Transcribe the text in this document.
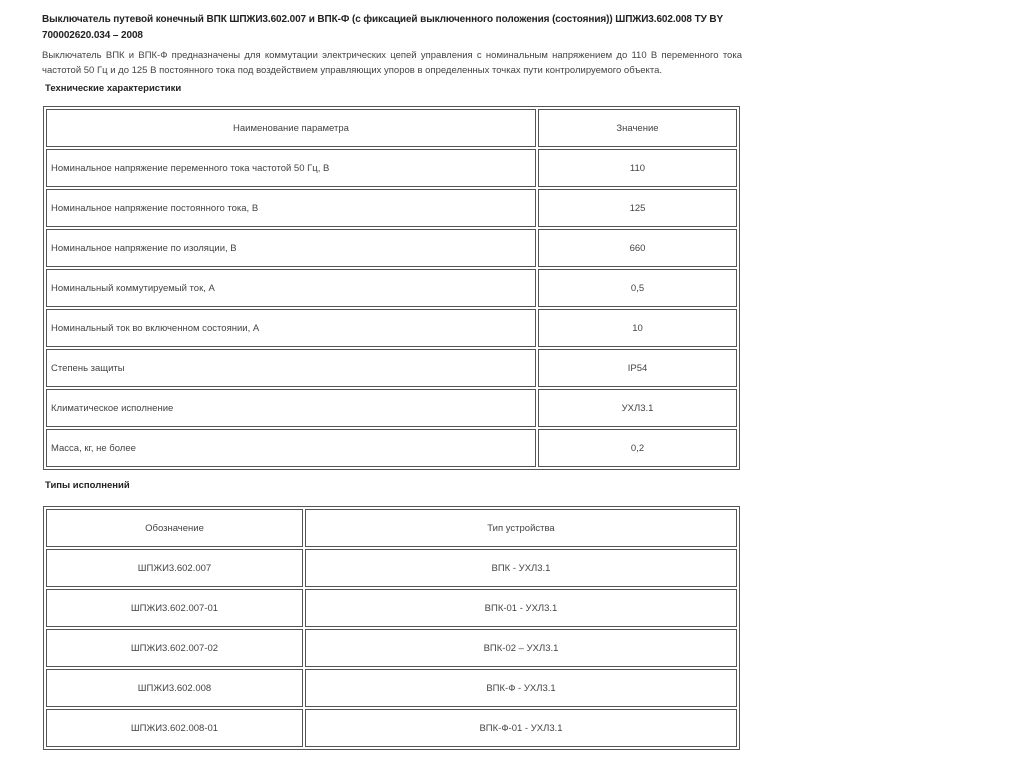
Выключатель путевой конечный ВПК ШПЖИ3.602.007 и ВПК-Ф (с фиксацией выключенного положения (состояния)) ШПЖИ3.602.008 ТУ BY 700002620.034 – 2008

Выключатель ВПК и ВПК-Ф предназначены для коммутации электрических цепей управления с номинальным напряжением до 110 В переменного тока частотой 50 Гц и до 125 В постоянного тока под воздействием управляющих упоров в определенных точках пути контролируемого объекта.

Технические характеристики
Наименование параметра	Значение
Номинальное напряжение переменного тока частотой 50 Гц, В	110
Номинальное напряжение постоянного тока, В	125
Номинальное напряжение по изоляции, В	660
Номинальный коммутируемый ток, А	0,5
Номинальный ток во включенном состоянии, А	10
Степень защиты	IP54
Климатическое исполнение	УХЛ3.1
Масса, кг, не более	0,2
Типы исполнений
Обозначение	Тип устройства
ШПЖИ3.602.007	ВПК - УХЛ3.1
ШПЖИ3.602.007-01	ВПК-01 - УХЛ3.1
ШПЖИ3.602.007-02	ВПК-02 – УХЛ3.1
ШПЖИ3.602.008	ВПК-Ф - УХЛ3.1
ШПЖИ3.602.008-01	ВПК-Ф-01 - УХЛ3.1
